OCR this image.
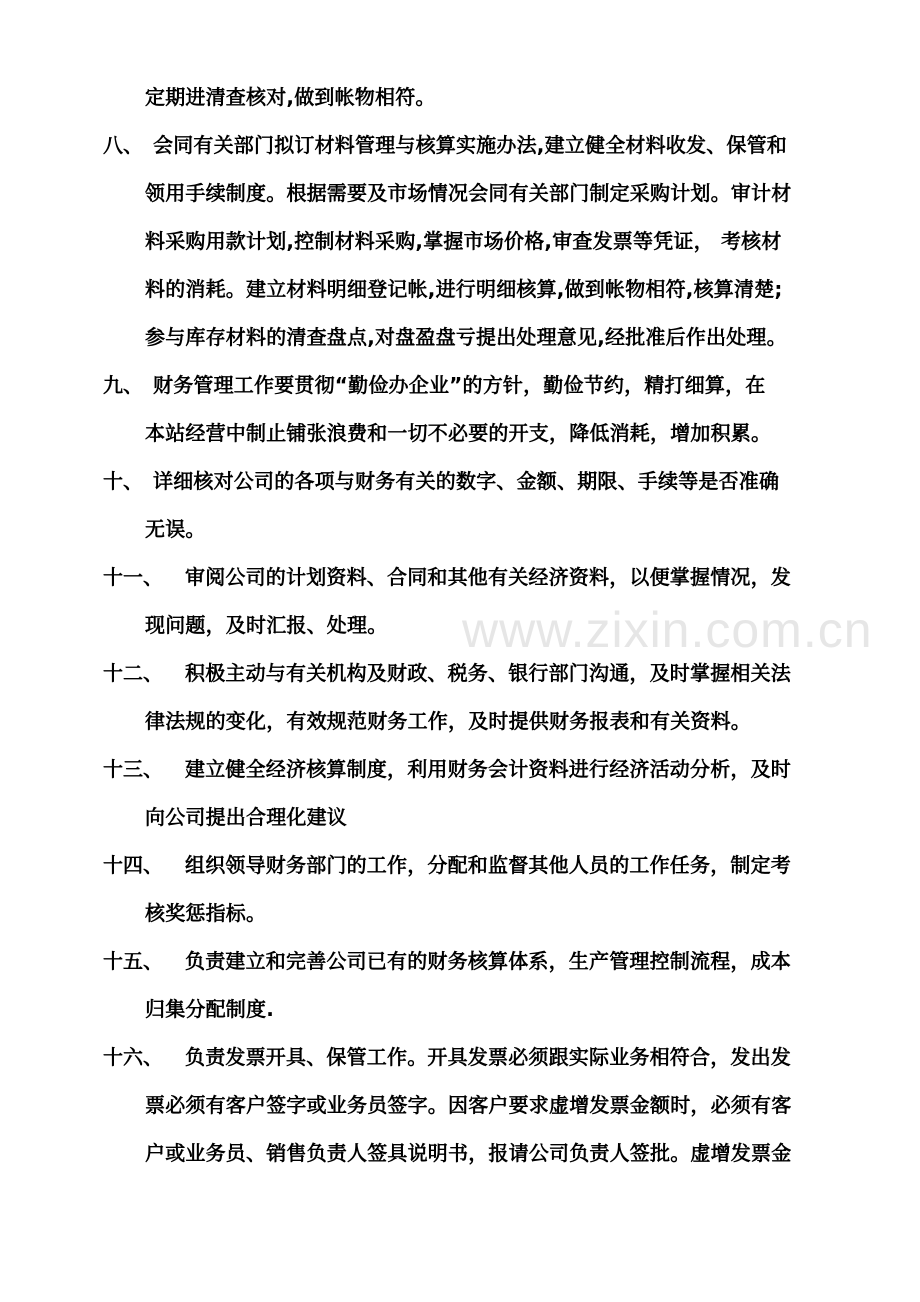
www.zixin.com.cn
定期进清查核对,做到帐物相符。
八、 会同有关部门拟订材料管理与核算实施办法,建立健全材料收发、保管和
领用手续制度。根据需要及市场情况会同有关部门制定采购计划。审计材
料采购用款计划,控制材料采购,掌握市场价格,审查发票等凭证， 考核材
料的消耗。建立材料明细登记帐,进行明细核算,做到帐物相符,核算清楚;
参与库存材料的清查盘点,对盘盈盘亏提出处理意见,经批准后作出处理。
九、 财务管理工作要贯彻“勤俭办企业”的方针，勤俭节约，精打细算，在
本站经营中制止铺张浪费和一切不必要的开支，降低消耗，增加积累。
十、 详细核对公司的各项与财务有关的数字、金额、期限、手续等是否准确
无误。
十一、 审阅公司的计划资料、合同和其他有关经济资料，以便掌握情况，发
现问题，及时汇报、处理。
十二、 积极主动与有关机构及财政、税务、银行部门沟通，及时掌握相关法
律法规的变化，有效规范财务工作，及时提供财务报表和有关资料。
十三、 建立健全经济核算制度，利用财务会计资料进行经济活动分析，及时
向公司提出合理化建议
十四、 组织领导财务部门的工作，分配和监督其他人员的工作任务，制定考
核奖惩指标。
十五、 负责建立和完善公司已有的财务核算体系，生产管理控制流程，成本
归集分配制度.
十六、 负责发票开具、保管工作。开具发票必须跟实际业务相符合，发出发
票必须有客户签字或业务员签字。因客户要求虚增发票金额时，必须有客
户或业务员、销售负责人签具说明书，报请公司负责人签批。虚增发票金
